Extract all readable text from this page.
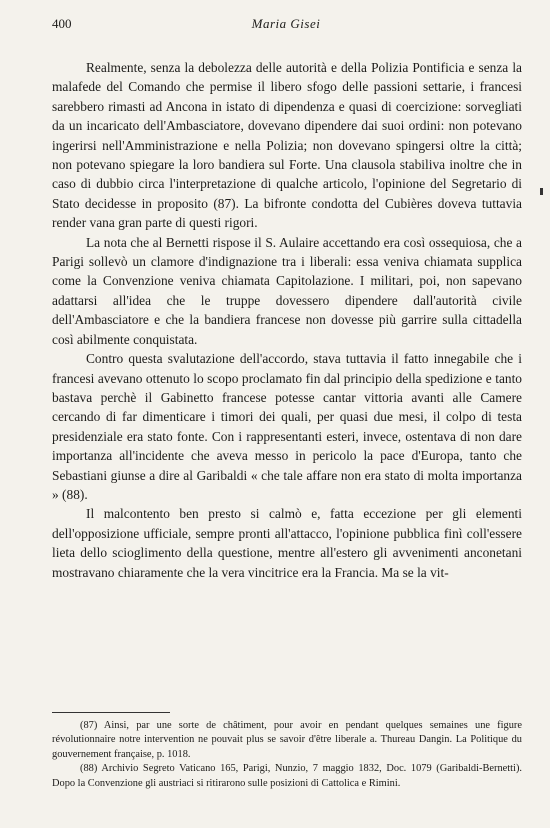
400	Maria Gisei

Realmente, senza la debolezza delle autorità e della Polizia Pontificia e senza la malafede del Comando che permise il libero sfogo delle passioni settarie, i francesi sarebbero rimasti ad Ancona in istato di dipendenza e quasi di coercizione: sorvegliati da un incaricato dell'Ambasciatore, dovevano dipendere dai suoi ordini: non potevano ingerirsi nell'Amministrazione e nella Polizia; non dovevano spingersi oltre la città; non potevano spiegare la loro bandiera sul Forte. Una clausola stabiliva inoltre che in caso di dubbio circa l'interpretazione di qualche articolo, l'opinione del Segretario di Stato decidesse in proposito (87). La bifronte condotta del Cubières doveva tuttavia render vana gran parte di questi rigori.

La nota che al Bernetti rispose il S. Aulaire accettando era così ossequiosa, che a Parigi sollevò un clamore d'indignazione tra i liberali: essa veniva chiamata supplica come la Convenzione veniva chiamata Capitolazione. I militari, poi, non sapevano adattarsi all'idea che le truppe dovessero dipendere dall'autorità civile dell'Ambasciatore e che la bandiera francese non dovesse più garrire sulla cittadella così abilmente conquistata.

Contro questa svalutazione dell'accordo, stava tuttavia il fatto innegabile che i francesi avevano ottenuto lo scopo proclamato fin dal principio della spedizione e tanto bastava perchè il Gabinetto francese potesse cantar vittoria avanti alle Camere cercando di far dimenticare i timori dei quali, per quasi due mesi, il colpo di testa presidenziale era stato fonte. Con i rappresentanti esteri, invece, ostentava di non dare importanza all'incidente che aveva messo in pericolo la pace d'Europa, tanto che Sebastiani giunse a dire al Garibaldi « che tale affare non era stato di molta importanza » (88).

Il malcontento ben presto si calmò e, fatta eccezione per gli elementi dell'opposizione ufficiale, sempre pronti all'attacco, l'opinione pubblica finì coll'essere lieta dello scioglimento della questione, mentre all'estero gli avvenimenti anconetani mostravano chiaramente che la vera vincitrice era la Francia. Ma se la vit-

(87) Ainsi, par une sorte de châtiment, pour avoir en pendant quelques semaines une figure révolutionnaire notre intervention ne pouvait plus se savoir d'être liberale a. Thureau Dangin. La Politique du gouvernement française, p. 1018.

(88) Archivio Segreto Vaticano 165, Parigi, Nunzio, 7 maggio 1832, Doc. 1079 (Garibaldi-Bernetti). Dopo la Convenzione gli austriaci si ritirarono sulle posizioni di Cattolica e Rimini.
